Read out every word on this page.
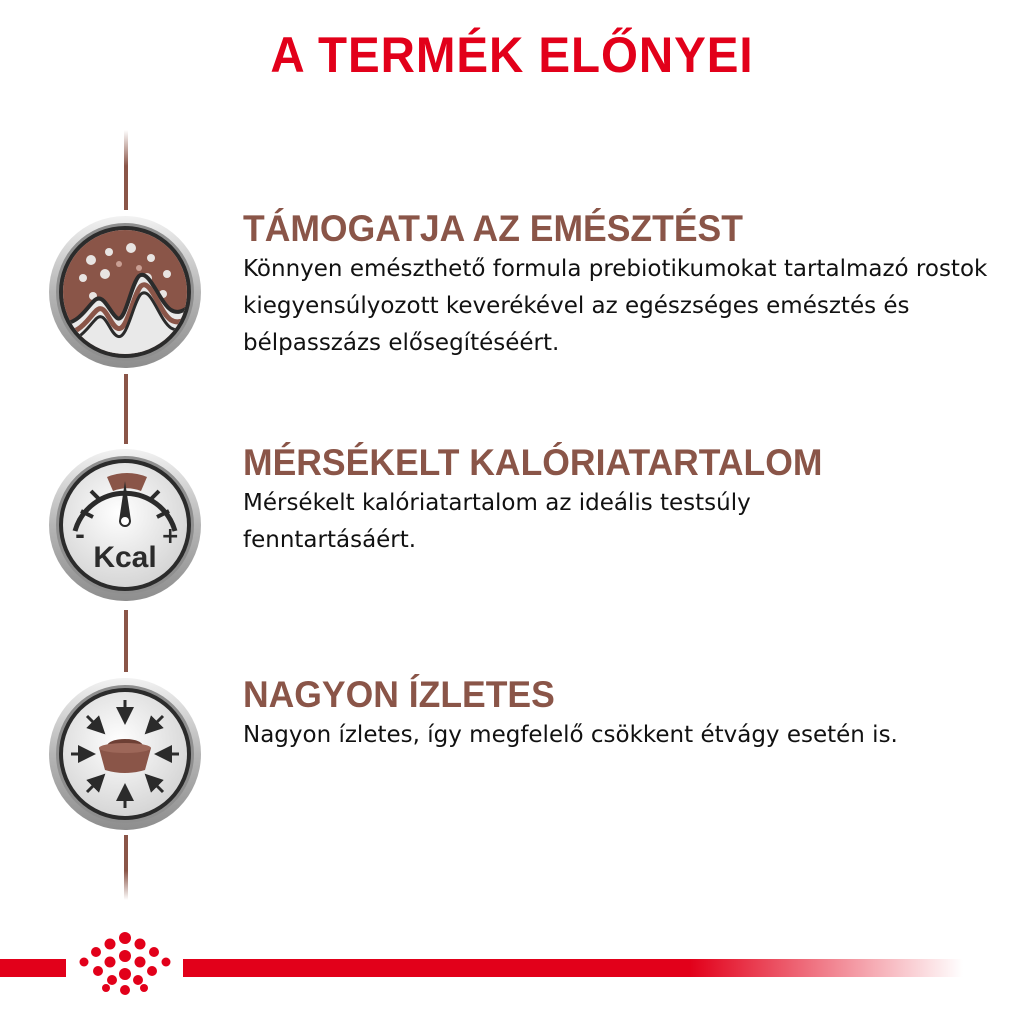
A TERMÉK ELŐNYEI
-	+
Kcal
TÁMOGATJA AZ EMÉSZTÉST

Könnyen emészthető formula prebiotikumokat tartalmazó rostok kiegyensúlyozott keverékével az egészséges emésztés és bélpasszázs elősegítéséért.

MÉRSÉKELT KALÓRIATARTALOM

Mérsékelt kalóriatartalom az ideális testsúly fenntartásáért.

NAGYON ÍZLETES

Nagyon ízletes, így megfelelő csökkent étvágy esetén is.
